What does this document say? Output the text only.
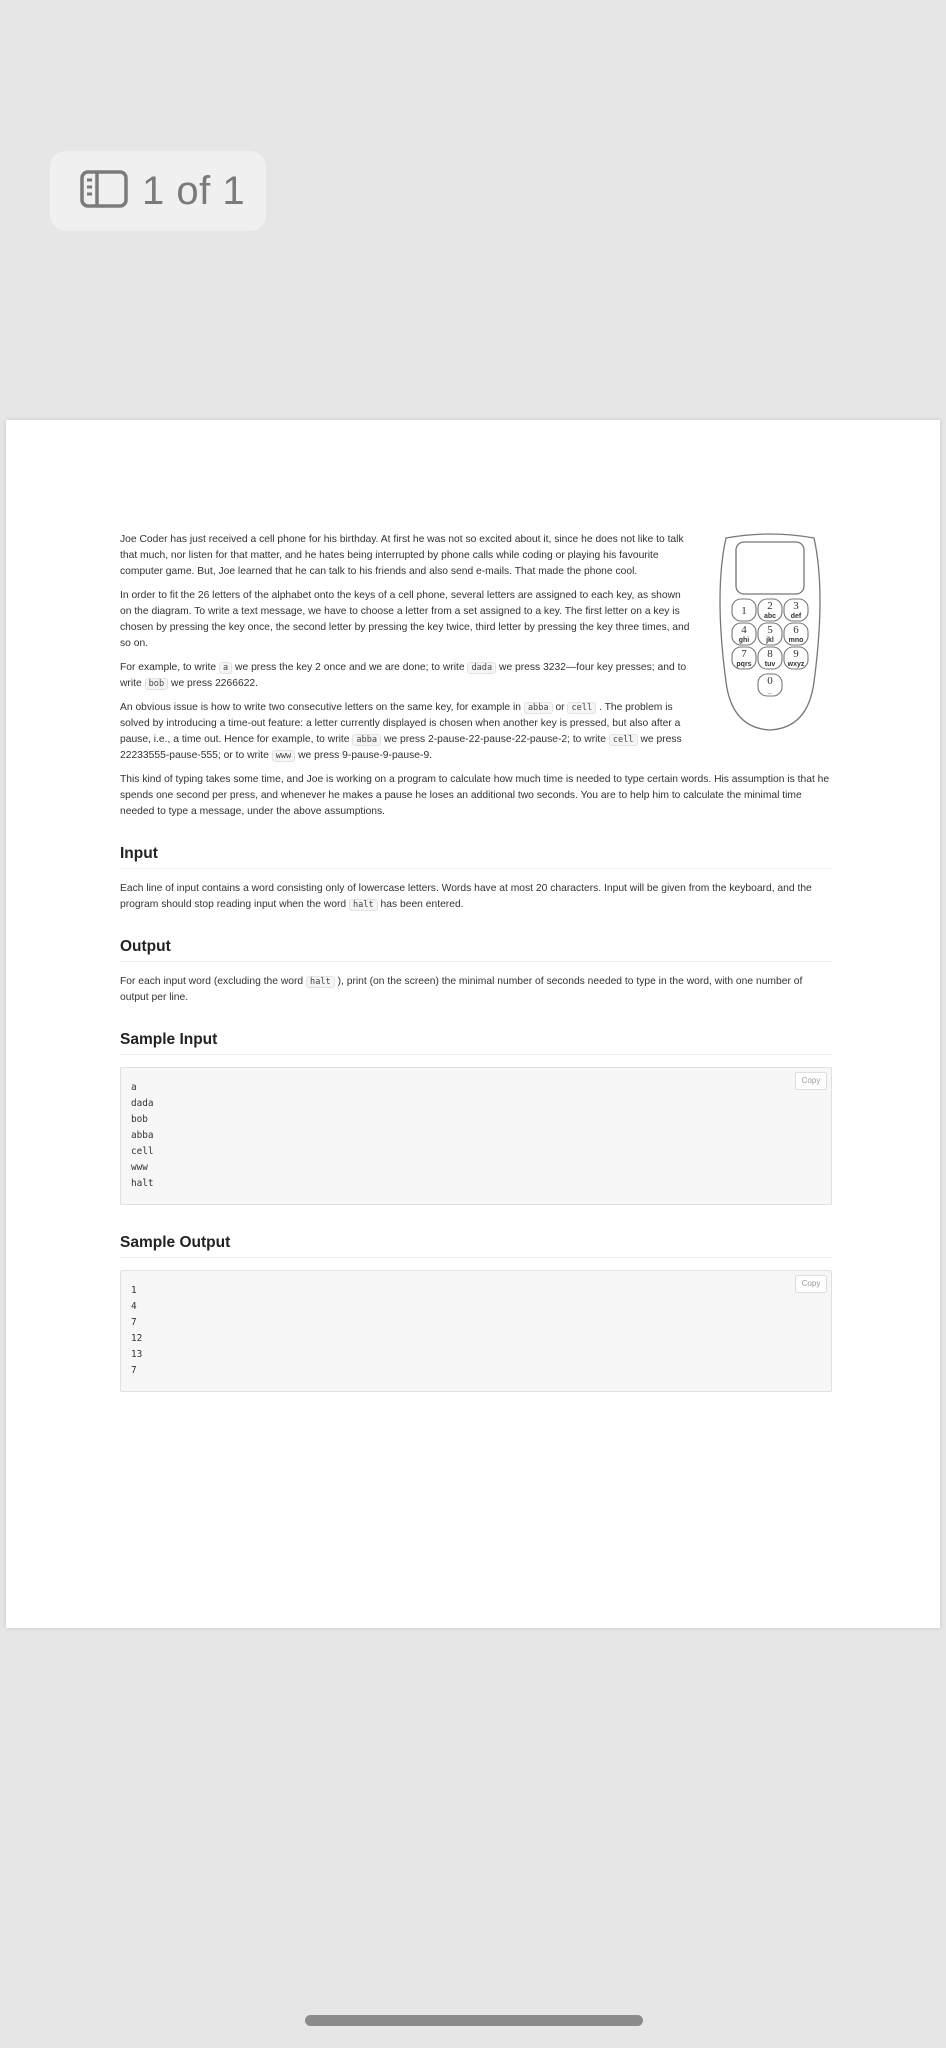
1 of 1
1 2
abc
3
def
4
ghi
5
jkl
6
mno
7
pqrs
8
tuv
9
wxyz
0
_

Joe Coder has just received a cell phone for his birthday. At first he was not so excited about it, since he does not like to talk that much, nor listen for that matter, and he hates being interrupted by phone calls while coding or playing his favourite computer game. But, Joe learned that he can talk to his friends and also send e-mails. That made the phone cool.

In order to fit the 26 letters of the alphabet onto the keys of a cell phone, several letters are assigned to each key, as shown on the diagram. To write a text message, we have to choose a letter from a set assigned to a key. The first letter on a key is chosen by pressing the key once, the second letter by pressing the key twice, third letter by pressing the key three times, and so on.

For example, to write a we press the key 2 once and we are done; to write dada we press 3232—four key presses; and to write bob we press 2266622.

An obvious issue is how to write two consecutive letters on the same key, for example in abba or cell . The problem is solved by introducing a time-out feature: a letter currently displayed is chosen when another key is pressed, but also after a pause, i.e., a time out. Hence for example, to write abba we press 2-pause-22-pause-22-pause-2; to write cell we press 22233555-pause-555; or to write www we press 9-pause-9-pause-9.

This kind of typing takes some time, and Joe is working on a program to calculate how much time is needed to type certain words. His assumption is that he spends one second per press, and whenever he makes a pause he loses an additional two seconds. You are to help him to calculate the minimal time needed to type a message, under the above assumptions.

Input

Each line of input contains a word consisting only of lowercase letters. Words have at most 20 characters. Input will be given from the keyboard, and the program should stop reading input when the word halt has been entered.

Output

For each input word (excluding the word halt ), print (on the screen) the minimal number of seconds needed to type in the word, with one number of output per line.

Sample Input
Copy
a
dada
bob
abba
cell
www
halt
Sample Output
Copy
1
4
7
12
13
7
